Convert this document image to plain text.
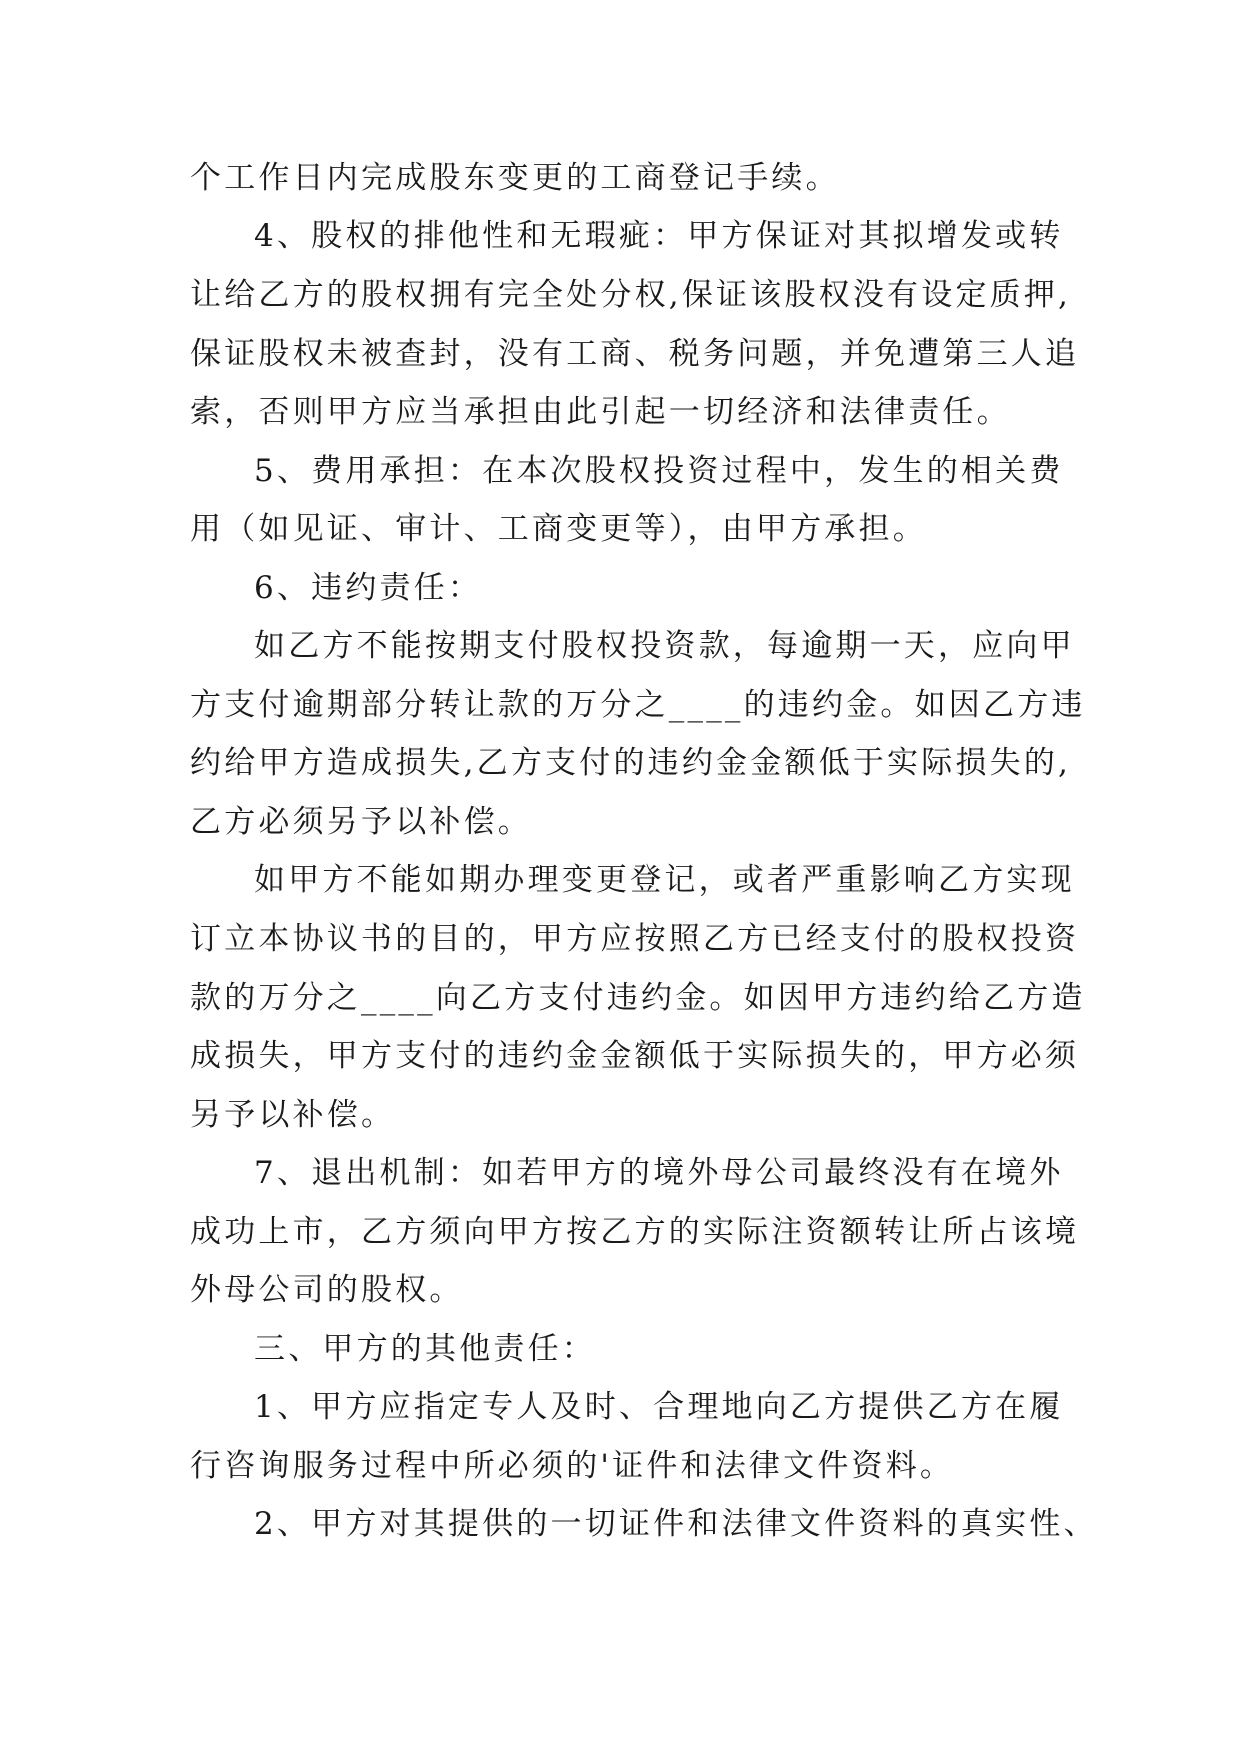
个工作日内完成股东变更的工商登记手续。
4、股权的排他性和无瑕疵：甲方保证对其拟增发或转
让给乙方的股权拥有完全处分权,保证该股权没有设定质押,
保证股权未被查封，没有工商、税务问题，并免遭第三人追
索，否则甲方应当承担由此引起一切经济和法律责任。
5、费用承担：在本次股权投资过程中，发生的相关费
用（如见证、审计、工商变更等），由甲方承担。
6、违约责任：
如乙方不能按期支付股权投资款，每逾期一天，应向甲
方支付逾期部分转让款的万分之____的违约金。如因乙方违
约给甲方造成损失,乙方支付的违约金金额低于实际损失的,
乙方必须另予以补偿。
如甲方不能如期办理变更登记，或者严重影响乙方实现
订立本协议书的目的，甲方应按照乙方已经支付的股权投资
款的万分之____向乙方支付违约金。如因甲方违约给乙方造
成损失，甲方支付的违约金金额低于实际损失的，甲方必须
另予以补偿。
7、退出机制：如若甲方的境外母公司最终没有在境外
成功上市，乙方须向甲方按乙方的实际注资额转让所占该境
外母公司的股权。
三、甲方的其他责任：
1、甲方应指定专人及时、合理地向乙方提供乙方在履
行咨询服务过程中所必须的'证件和法律文件资料。
2、甲方对其提供的一切证件和法律文件资料的真实性、
